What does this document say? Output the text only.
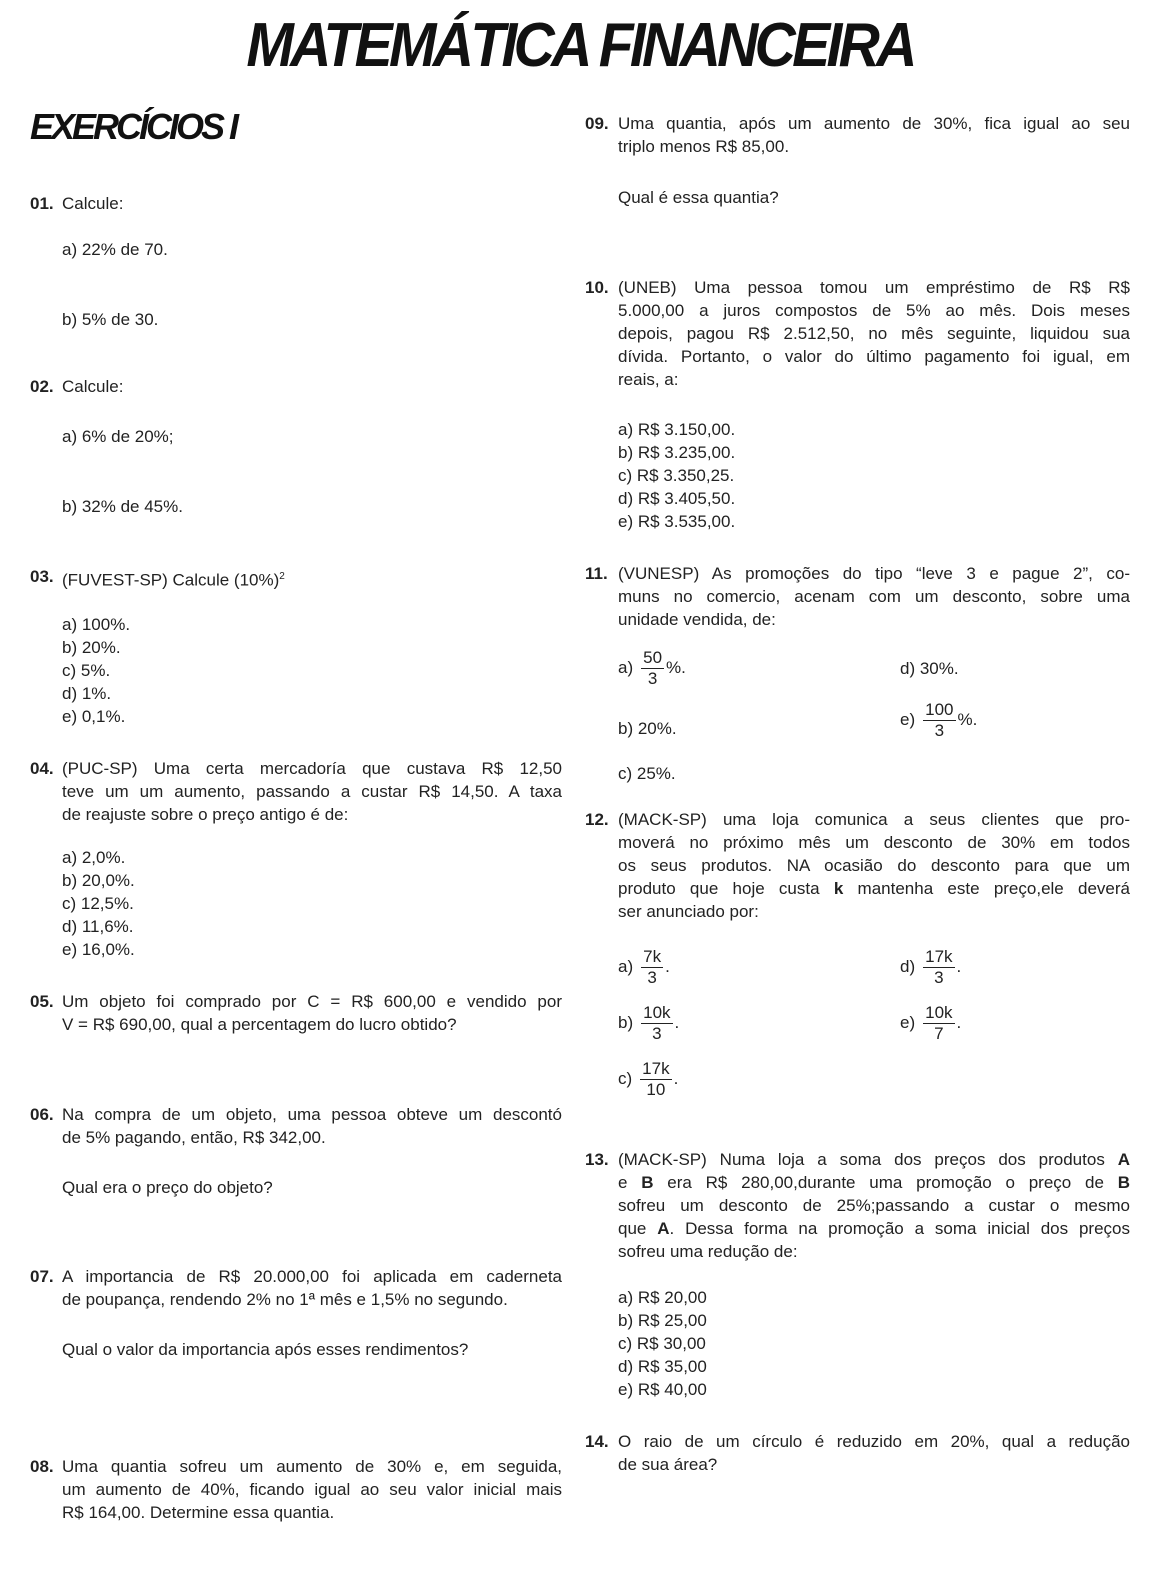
MATEMÁTICA FINANCEIRA
EXERCÍCIOS I
01. Calcule:
a) 22% de 70.
b) 5% de 30.
02. Calcule:
a) 6% de 20%;
b) 32% de 45%.
03. (FUVEST-SP) Calcule $(10\%)^2$
a) 100%.
b) 20%.
c) 5%.
d) 1%.
e) 0,1%.
04. (PUC-SP) Uma certa mercadoría que custava R$ 12,50
teve um um aumento, passando a custar R$ 14,50. A taxa
de reajuste sobre o preço antigo é de:
a) 2,0%.
b) 20,0%.
c) 12,5%.
d) 11,6%.
e) 16,0%.
05. Um objeto foi comprado por C = R$ 600,00 e vendido por
V = R$ 690,00, qual a percentagem do lucro obtido?
06. Na compra de um objeto, uma pessoa obteve um descontó
de 5% pagando, então, R$ 342,00.
Qual era o preço do objeto?
07. A importancia de R$ 20.000,00 foi aplicada em caderneta
de poupança, rendendo 2% no 1ª mês e 1,5% no segundo.
Qual o valor da importancia após esses rendimentos?
08. Uma quantia sofreu um aumento de 30% e, em seguida,
um aumento de 40%, ficando igual ao seu valor inicial mais
R$ 164,00. Determine essa quantia.
09. Uma quantia, após um aumento de 30%, fica igual ao seu
triplo menos R$ 85,00.
Qual é essa quantia?
10. (UNEB) Uma pessoa tomou um empréstimo de R$ R$
5.000,00 a juros compostos de 5% ao mês. Dois meses
depois, pagou R$ 2.512,50, no mês seguinte, liquidou sua
dívida. Portanto, o valor do último pagamento foi igual, em
reais, a:
a) R$ 3.150,00.
b) R$ 3.235,00.
c) R$ 3.350,25.
d) R$ 3.405,50.
e) R$ 3.535,00.
11. (VUNESP) As promoções do tipo “leve 3 e pague 2”, co-
muns no comercio, acenam com um desconto, sobre uma
unidade vendida, de:
$a) \frac{50}{3}$ %.
b) 20%.
c) 25%.
d) 30%.
$e) \frac{100}{3}$ %.
12. (MACK-SP) uma loja comunica a seus clientes que pro-
moverá no próximo mês um desconto de 30% em todos
os seus produtos. NA ocasião do desconto para que um
produto que hoje custa k mantenha este preço,ele deverá
ser anunciado por:
$a) \frac{7k}{3}$ .
$b) \frac{10k}{3}$ .
$c) \frac{17k}{10}$ .
$d) \frac{17k}{3}$ .
$e) \frac{10k}{7}$ .
13. (MACK-SP) Numa loja a soma dos preços dos produtos A
e B era R$ 280,00,durante uma promoção o preço de B
sofreu um desconto de 25%;passando a custar o mesmo
que A. Dessa forma na promoção a soma inicial dos preços
sofreu uma redução de:
a) R$ 20,00
b) R$ 25,00
c) R$ 30,00
d) R$ 35,00
e) R$ 40,00
14. O raio de um círculo é reduzido em 20%, qual a redução
de sua área?
